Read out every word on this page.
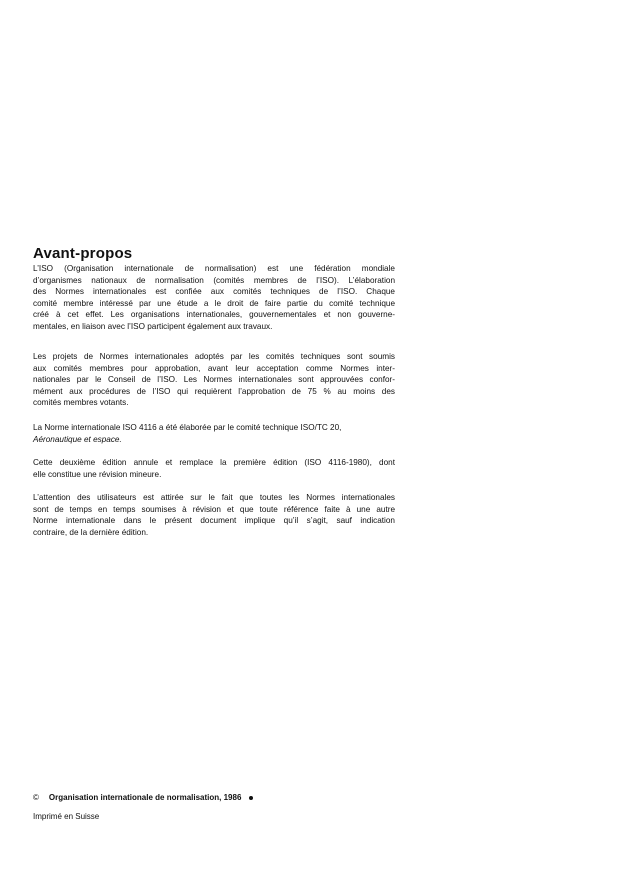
Avant-propos
L’ISO (Organisation internationale de normalisation) est une fédération mondiale
d’organismes nationaux de normalisation (comités membres de l’ISO). L’élaboration
des Normes internationales est confiée aux comités techniques de l’ISO. Chaque
comité membre intéressé par une étude a le droit de faire partie du comité technique
créé à cet effet. Les organisations internationales, gouvernementales et non gouverne-
mentales, en liaison avec l’ISO participent également aux travaux.
Les projets de Normes internationales adoptés par les comités techniques sont soumis
aux comités membres pour approbation, avant leur acceptation comme Normes inter-
nationales par le Conseil de l’ISO. Les Normes internationales sont approuvées confor-
mément aux procédures de l’ISO qui requièrent l’approbation de 75 % au moins des
comités membres votants.
La Norme internationale ISO 4116 a été élaborée par le comité technique ISO/TC 20,
Aéronautique et espace.
Cette deuxième édition annule et remplace la première édition (ISO 4116-1980), dont
elle constitue une révision mineure.
L’attention des utilisateurs est attirée sur le fait que toutes les Normes internationales
sont de temps en temps soumises à révision et que toute référence faite à une autre
Norme internationale dans le présent document implique qu’il s’agit, sauf indication
contraire, de la dernière édition.
© Organisation internationale de normalisation, 1986
Imprimé en Suisse
